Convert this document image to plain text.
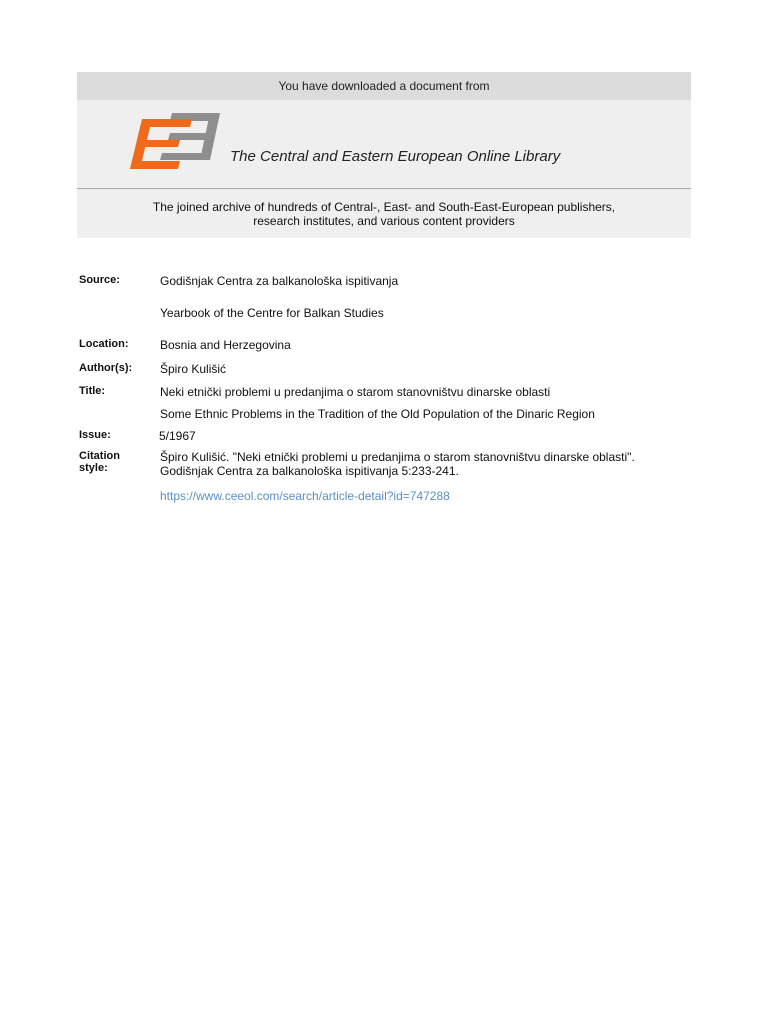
You have downloaded a document from
The Central and Eastern European Online Library
The joined archive of hundreds of Central-, East- and South-East-European publishers,
research institutes, and various content providers
Source:	Godišnjak Centra za balkanološka ispitivanja
Yearbook of the Centre for Balkan Studies
Location:	Bosnia and Herzegovina
Author(s):	Špiro Kulišić
Title:	Neki etnički problemi u predanjima o starom stanovništvu dinarske oblasti
Some Ethnic Problems in the Tradition of the Old Population of the Dinaric Region
Issue:	5/1967
Citation
style:
Špiro Kulišić. "Neki etnički problemi u predanjima o starom stanovništvu dinarske oblasti".
Godišnjak Centra za balkanološka ispitivanja 5:233-241.
https://www.ceeol.com/search/article-detail?id=747288
